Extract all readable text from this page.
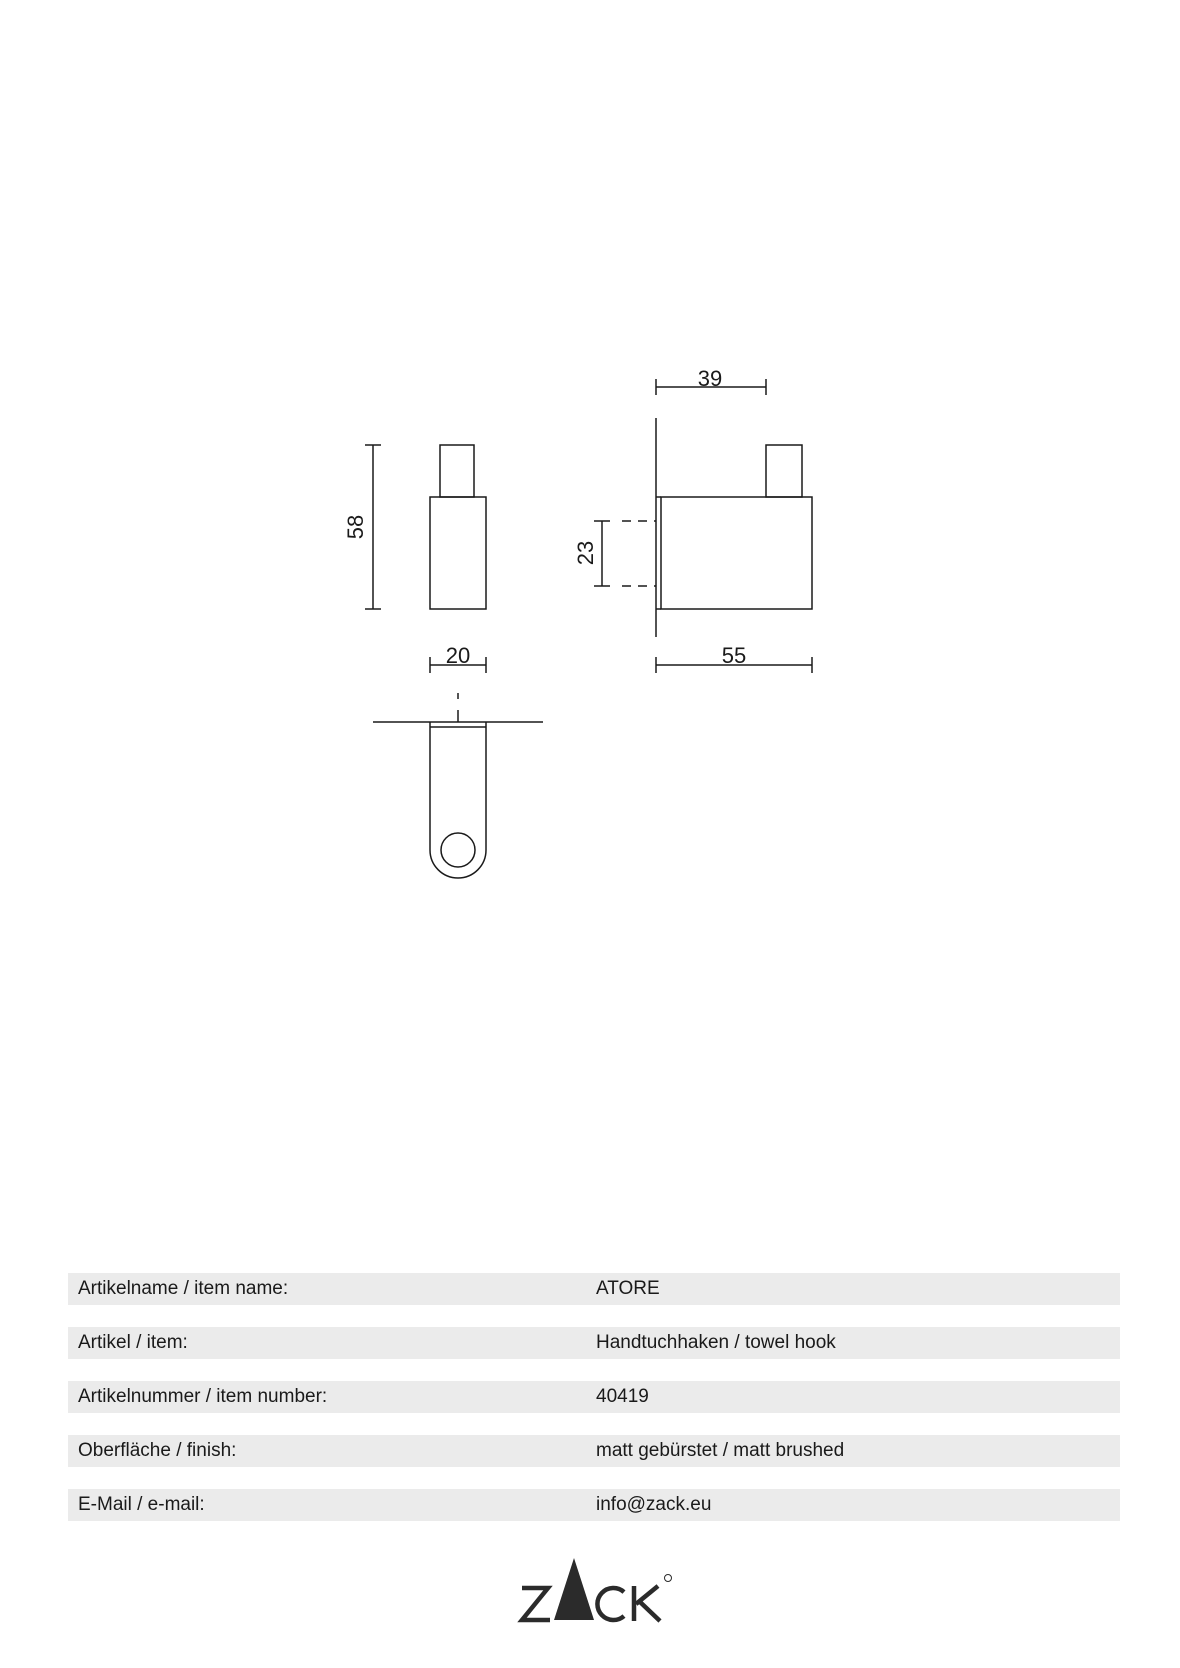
58
20
39
23
55
Artikelname / item name:	ATORE
Artikel / item:	Handtuchhaken / towel hook
Artikelnummer / item number:	40419
Oberfläche / finish:	matt gebürstet / matt brushed
E-Mail / e-mail:	info@zack.eu
